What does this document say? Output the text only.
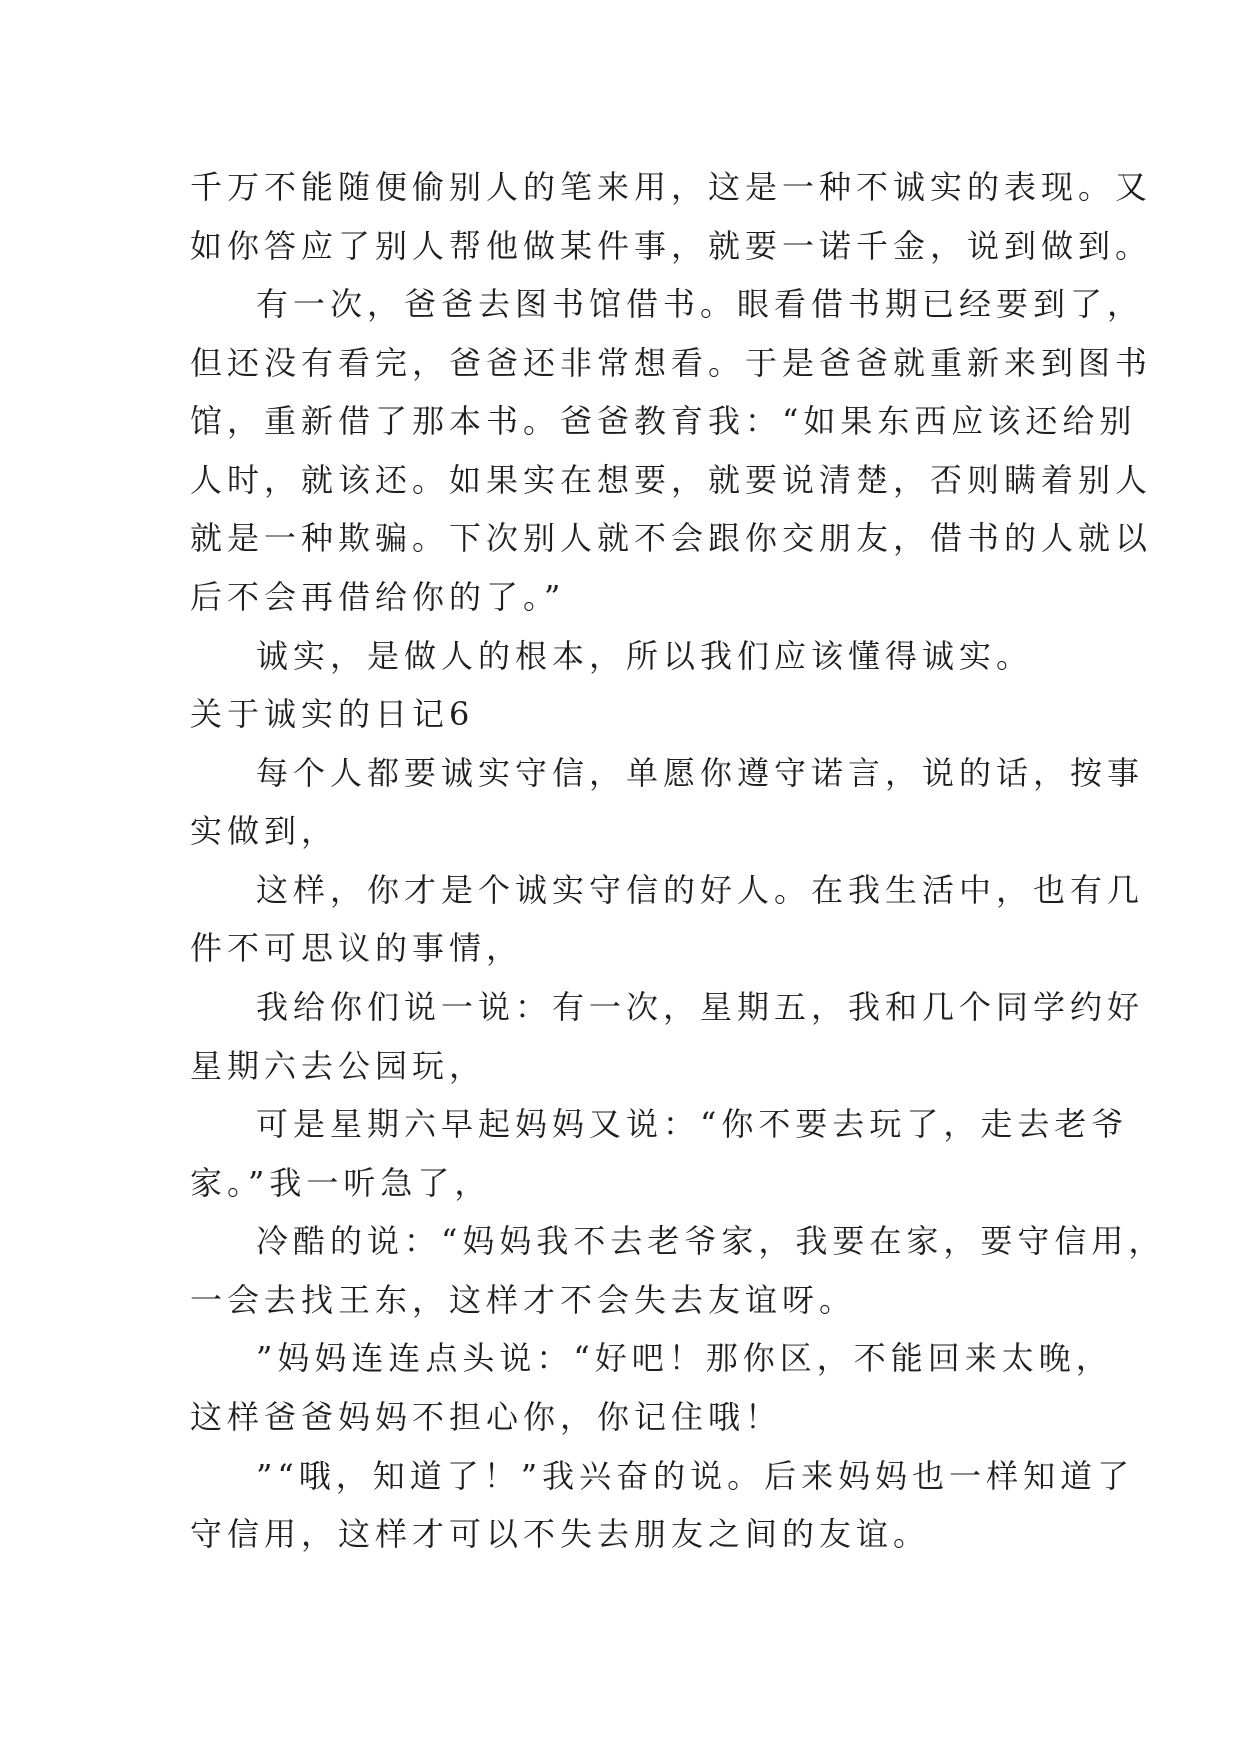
千万不能随便偷别人的笔来用，这是一种不诚实的表现。又
如你答应了别人帮他做某件事，就要一诺千金，说到做到。
有一次，爸爸去图书馆借书。眼看借书期已经要到了，
但还没有看完，爸爸还非常想看。于是爸爸就重新来到图书
馆，重新借了那本书。爸爸教育我：“如果东西应该还给别
人时，就该还。如果实在想要，就要说清楚，否则瞒着别人
就是一种欺骗。下次别人就不会跟你交朋友，借书的人就以
后不会再借给你的了。”
诚实，是做人的根本，所以我们应该懂得诚实。
关于诚实的日记6
每个人都要诚实守信，单愿你遵守诺言，说的话，按事
实做到，
这样，你才是个诚实守信的好人。在我生活中，也有几
件不可思议的事情，
我给你们说一说：有一次，星期五，我和几个同学约好
星期六去公园玩，
可是星期六早起妈妈又说：“你不要去玩了，走去老爷
家。”我一听急了，
冷酷的说：“妈妈我不去老爷家，我要在家，要守信用，
一会去找王东，这样才不会失去友谊呀。
”妈妈连连点头说：“好吧！那你区，不能回来太晚，
这样爸爸妈妈不担心你，你记住哦！
”“哦，知道了！”我兴奋的说。后来妈妈也一样知道了
守信用，这样才可以不失去朋友之间的友谊。
